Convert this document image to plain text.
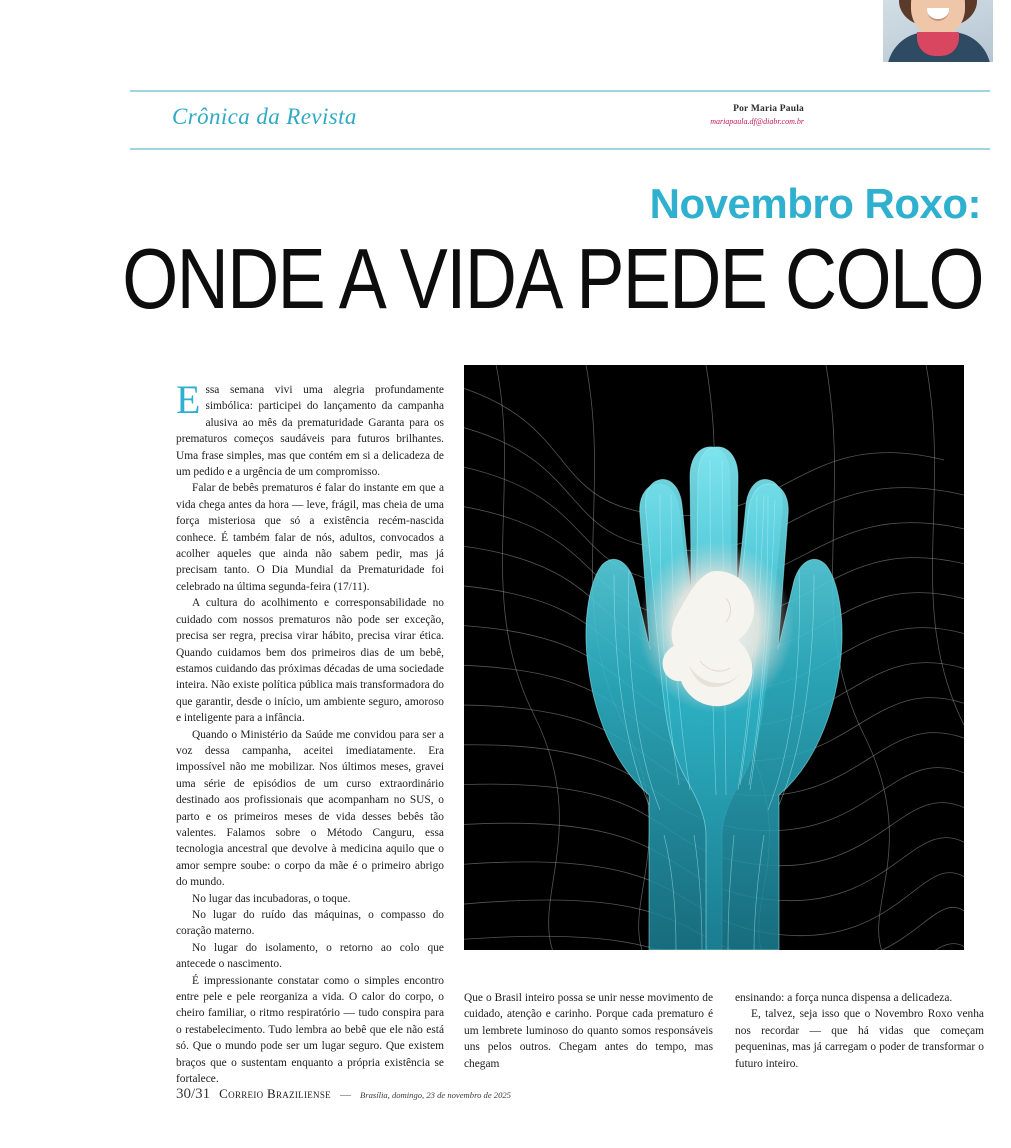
Crônica da Revista	Por Maria Paula
mariapaula.df@diabr.com.br
Novembro Roxo:
ONDE A VIDA PEDE COLO

Essa semana vivi uma alegria profundamente simbólica: participei do lançamento da campanha alusiva ao mês da prematuridade Garanta para os prematuros começos saudáveis para futuros brilhantes. Uma frase simples, mas que contém em si a delicadeza de um pedido e a urgência de um compromisso.

Falar de bebês prematuros é falar do instante em que a vida chega antes da hora — leve, frágil, mas cheia de uma força misteriosa que só a existência recém-nascida conhece. É também falar de nós, adultos, convocados a acolher aqueles que ainda não sabem pedir, mas já precisam tanto. O Dia Mundial da Prematuridade foi celebrado na última segunda-feira (17/11).

A cultura do acolhimento e corresponsabilidade no cuidado com nossos prematuros não pode ser exceção, precisa ser regra, precisa virar hábito, precisa virar ética. Quando cuidamos bem dos primeiros dias de um bebê, estamos cuidando das próximas décadas de uma sociedade inteira. Não existe política pública mais transformadora do que garantir, desde o início, um ambiente seguro, amoroso e inteligente para a infância.

Quando o Ministério da Saúde me convidou para ser a voz dessa campanha, aceitei imediatamente. Era impossível não me mobilizar. Nos últimos meses, gravei uma série de episódios de um curso extraordinário destinado aos profissionais que acompanham no SUS, o parto e os primeiros meses de vida desses bebês tão valentes. Falamos sobre o Método Canguru, essa tecnologia ancestral que devolve à medicina aquilo que o amor sempre soube: o corpo da mãe é o primeiro abrigo do mundo.

No lugar das incubadoras, o toque.

No lugar do ruído das máquinas, o compasso do coração materno.

No lugar do isolamento, o retorno ao colo que antecede o nascimento.

É impressionante constatar como o simples encontro entre pele e pele reorganiza a vida. O calor do corpo, o cheiro familiar, o ritmo respiratório — tudo conspira para o restabelecimento. Tudo lembra ao bebê que ele não está só. Que o mundo pode ser um lugar seguro. Que existem braços que o sustentam enquanto a própria existência se fortalece.

Que o Brasil inteiro possa se unir nesse movimento de cuidado, atenção e carinho. Porque cada prematuro é um lembrete luminoso do quanto somos responsáveis uns pelos outros. Chegam antes do tempo, mas chegam

ensinando: a força nunca dispensa a delicadeza.

E, talvez, seja isso que o Novembro Roxo venha nos recordar — que há vidas que começam pequeninas, mas já carregam o poder de transformar o futuro inteiro.

30/31 Correio Braziliense — Brasília, domingo, 23 de novembro de 2025
